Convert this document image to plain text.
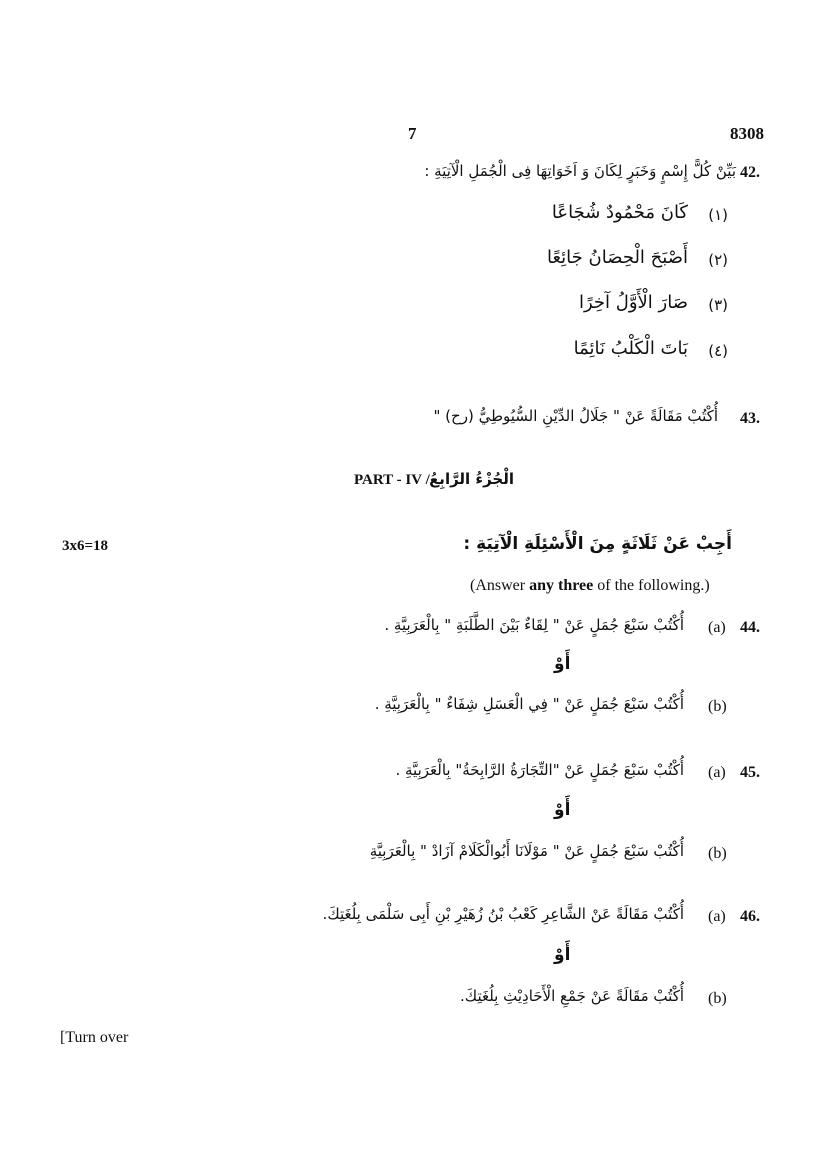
7	8308
42.
بَيِّنْ كُلًّ إِسْمٍ وَخَبَرٍ لِكَانَ وَ اَخَوَاتِهَا فِى الْجُمَلِ الْآتِيَةِ :
(١)
كَانَ مَحْمُودٌ شُجَاعًا
(٢)
أَصْبَحَ الْحِصَانُ جَائِعًا
(٣)
صَارَ الْأَوَّلُ آخِرًا
(٤)
بَاتَ الْكَلْبُ نَائِمًا
43.
أُكْتُبْ مَقَالَةً عَنْ " جَلَالُ الدِّيْنِ السُّيُوطِيُّ (رح) "
PART - IV / الْجُزْءُ الرَّابِعُ
3x6=18	أَجِبْ عَنْ ثَلَاثَةٍ مِنَ الْأَسْئِلَةِ الْآتِيَةِ :
(Answer any three of the following.)
44.
(a)
أُكْتُبْ سَبْعَ جُمَلٍ عَنْ " لِقَاءٌ بَيْنَ الطَّلَبَةِ " بِالْعَرَبِيَّةِ .
أَوْ
(b)
أُكْتُبْ سَبْعَ جُمَلٍ عَنْ " فِي الْعَسَلِ شِفَاءٌ " بِالْعَرَبِيَّةِ .
45.
(a)
أُكْتُبْ سَبْعَ جُمَلٍ عَنْ "التِّجَارَةُ الرَّابِحَةُ" بِالْعَرَبِيَّةِ .
أَوْ
(b)
أُكْتُبْ سَبْعَ جُمَلٍ عَنْ " مَوْلَانَا أَبُوالْكَلَامْ آزَادْ " بِالْعَرَبِيَّةِ
46.
(a)
أُكْتُبْ مَقَالَةً عَنْ الشَّاعِرِ كَعْبُ بْنُ زُهَيْرِ بْنِ أَبِى سَلْمَى بِلُغَتِكَ.
أَوْ
(b)
أُكْتُبْ مَقَالَةً عَنْ جَمْعِ الْأَحَادِيْثِ بِلُغَتِكَ.
[Turn over
